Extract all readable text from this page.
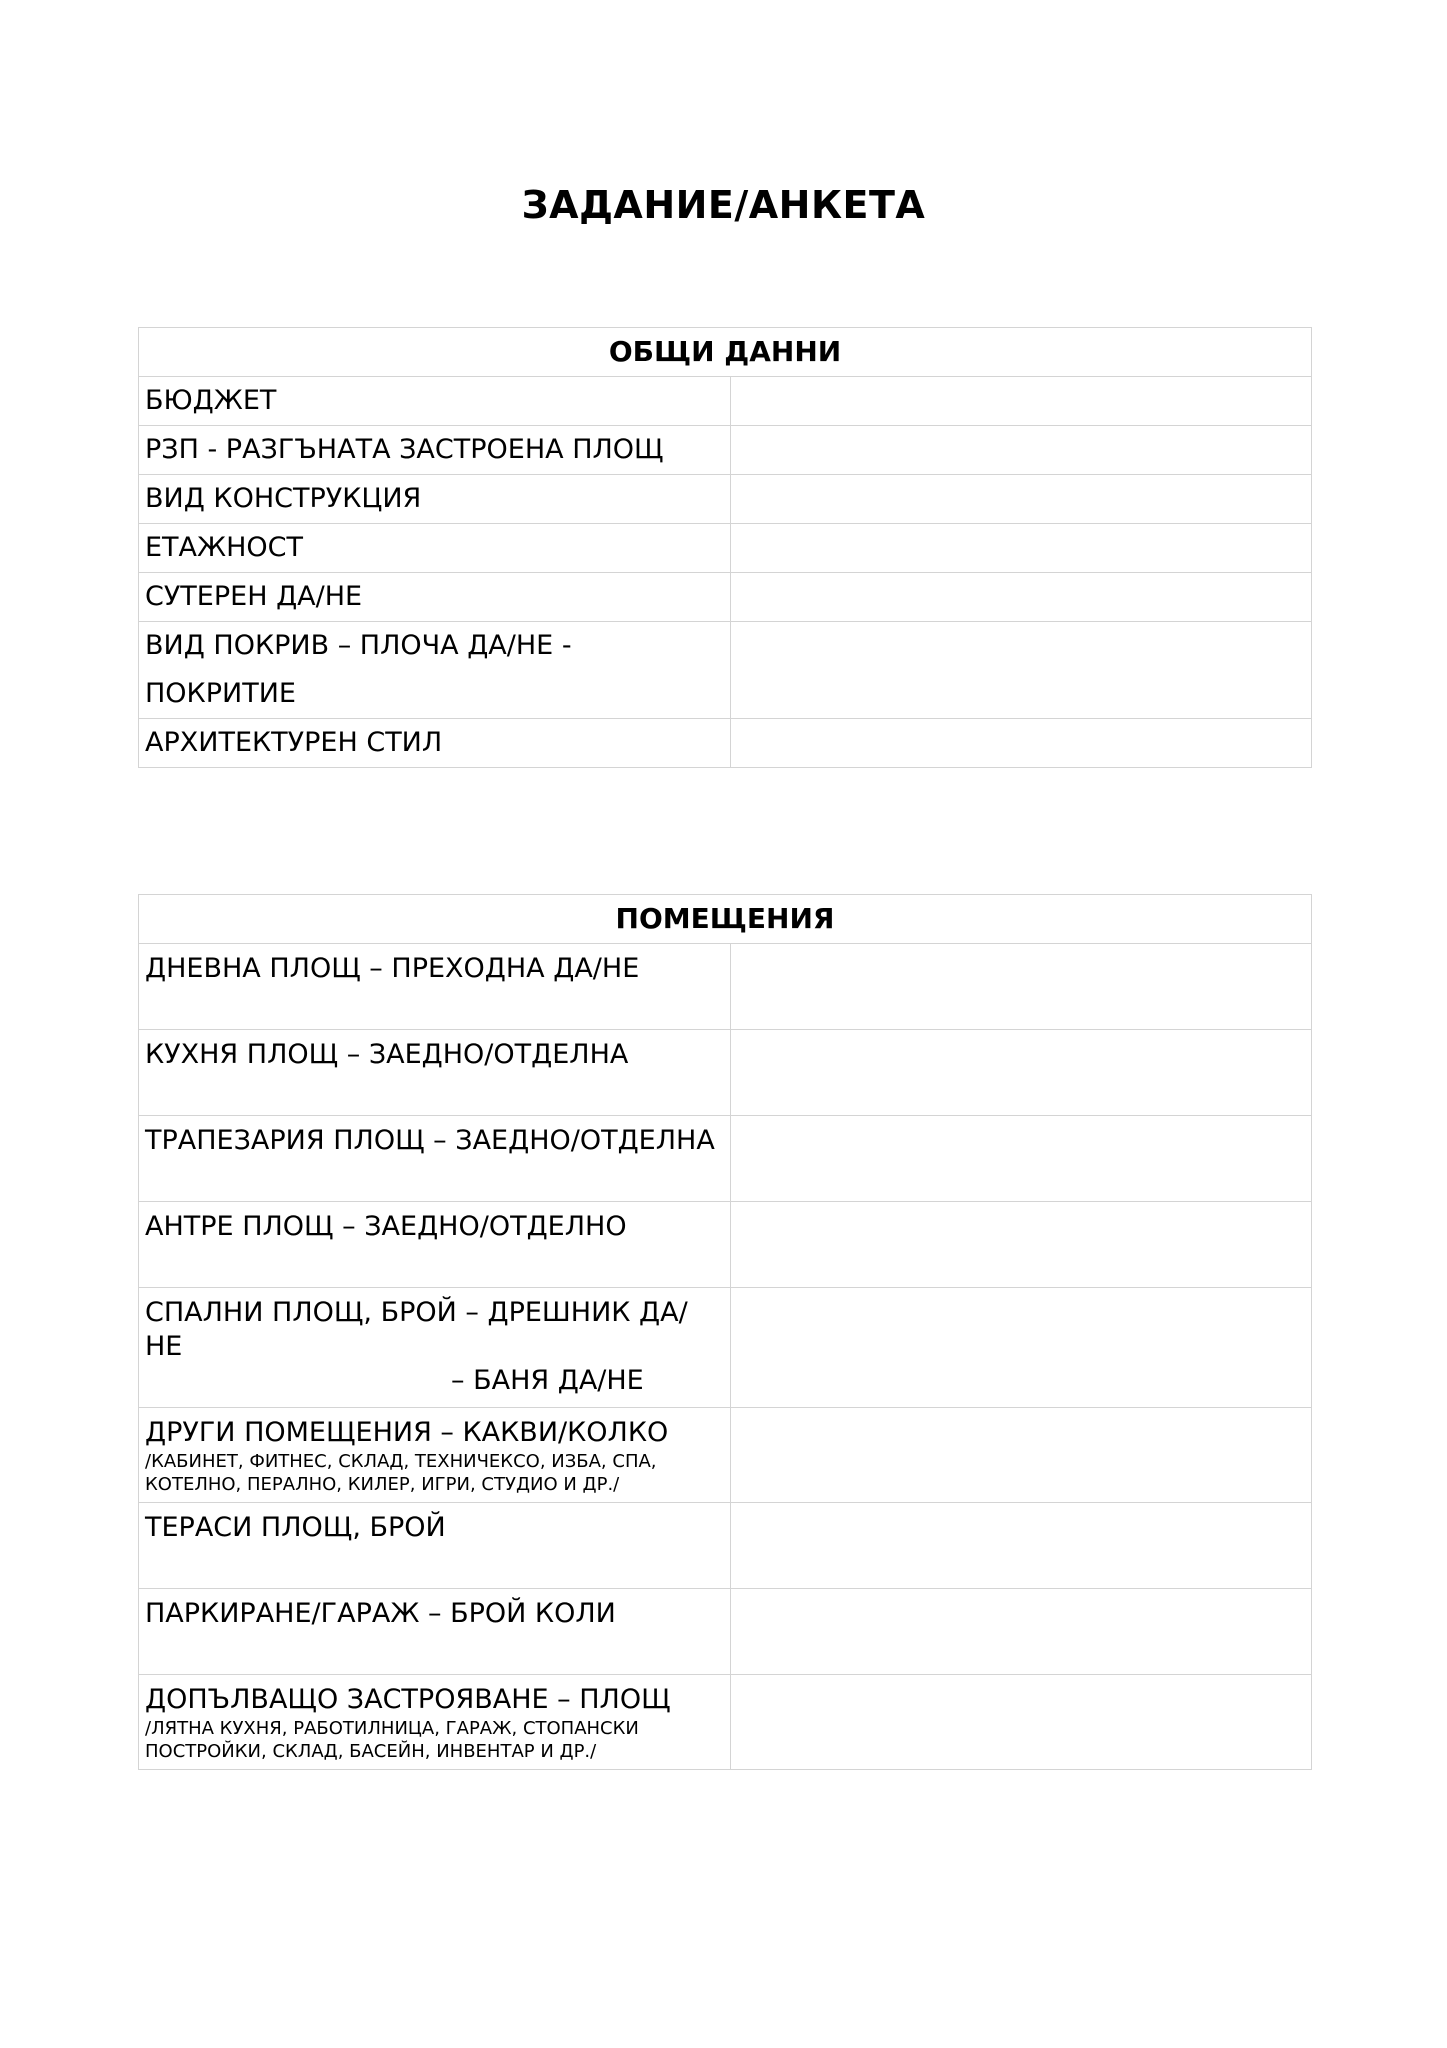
ЗАДАНИЕ/АНКЕТА
ОБЩИ ДАННИ	
БЮДЖЕТ	
РЗП - РАЗГЪНАТА ЗАСТРОЕНА ПЛОЩ	
ВИД КОНСТРУКЦИЯ	
ЕТАЖНОСТ	
СУТЕРЕН ДА/НЕ	
ВИД ПОКРИВ – ПЛОЧА ДА/НЕ - ПОКРИТИЕ	
АРХИТЕКТУРЕН СТИЛ	
ПОМЕЩЕНИЯ	
ДНЕВНА ПЛОЩ – ПРЕХОДНА ДА/НЕ	
КУХНЯ ПЛОЩ – ЗАЕДНО/ОТДЕЛНА	
ТРАПЕЗАРИЯ ПЛОЩ – ЗАЕДНО/ОТДЕЛНА	
АНТРЕ ПЛОЩ – ЗАЕДНО/ОТДЕЛНО	

СПАЛНИ ПЛОЩ, БРОЙ – ДРЕШНИК ДА/НЕ
– БАНЯ ДА/НЕ	

ДРУГИ ПОМЕЩЕНИЯ – КАКВИ/КОЛКО
/КАБИНЕТ, ФИТНЕС, СКЛАД, ТЕХНИЧЕКСО, ИЗБА, СПА, КОТЕЛНО, ПЕРАЛНО, КИЛЕР, ИГРИ, СТУДИО И ДР./	

ТЕРАСИ ПЛОЩ, БРОЙ	
ПАРКИРАНЕ/ГАРАЖ – БРОЙ КОЛИ	

ДОПЪЛВАЩО ЗАСТРОЯВАНЕ – ПЛОЩ
/ЛЯТНА КУХНЯ, РАБОТИЛНИЦА, ГАРАЖ, СТОПАНСКИ ПОСТРОЙКИ, СКЛАД, БАСЕЙН, ИНВЕНТАР И ДР./	
